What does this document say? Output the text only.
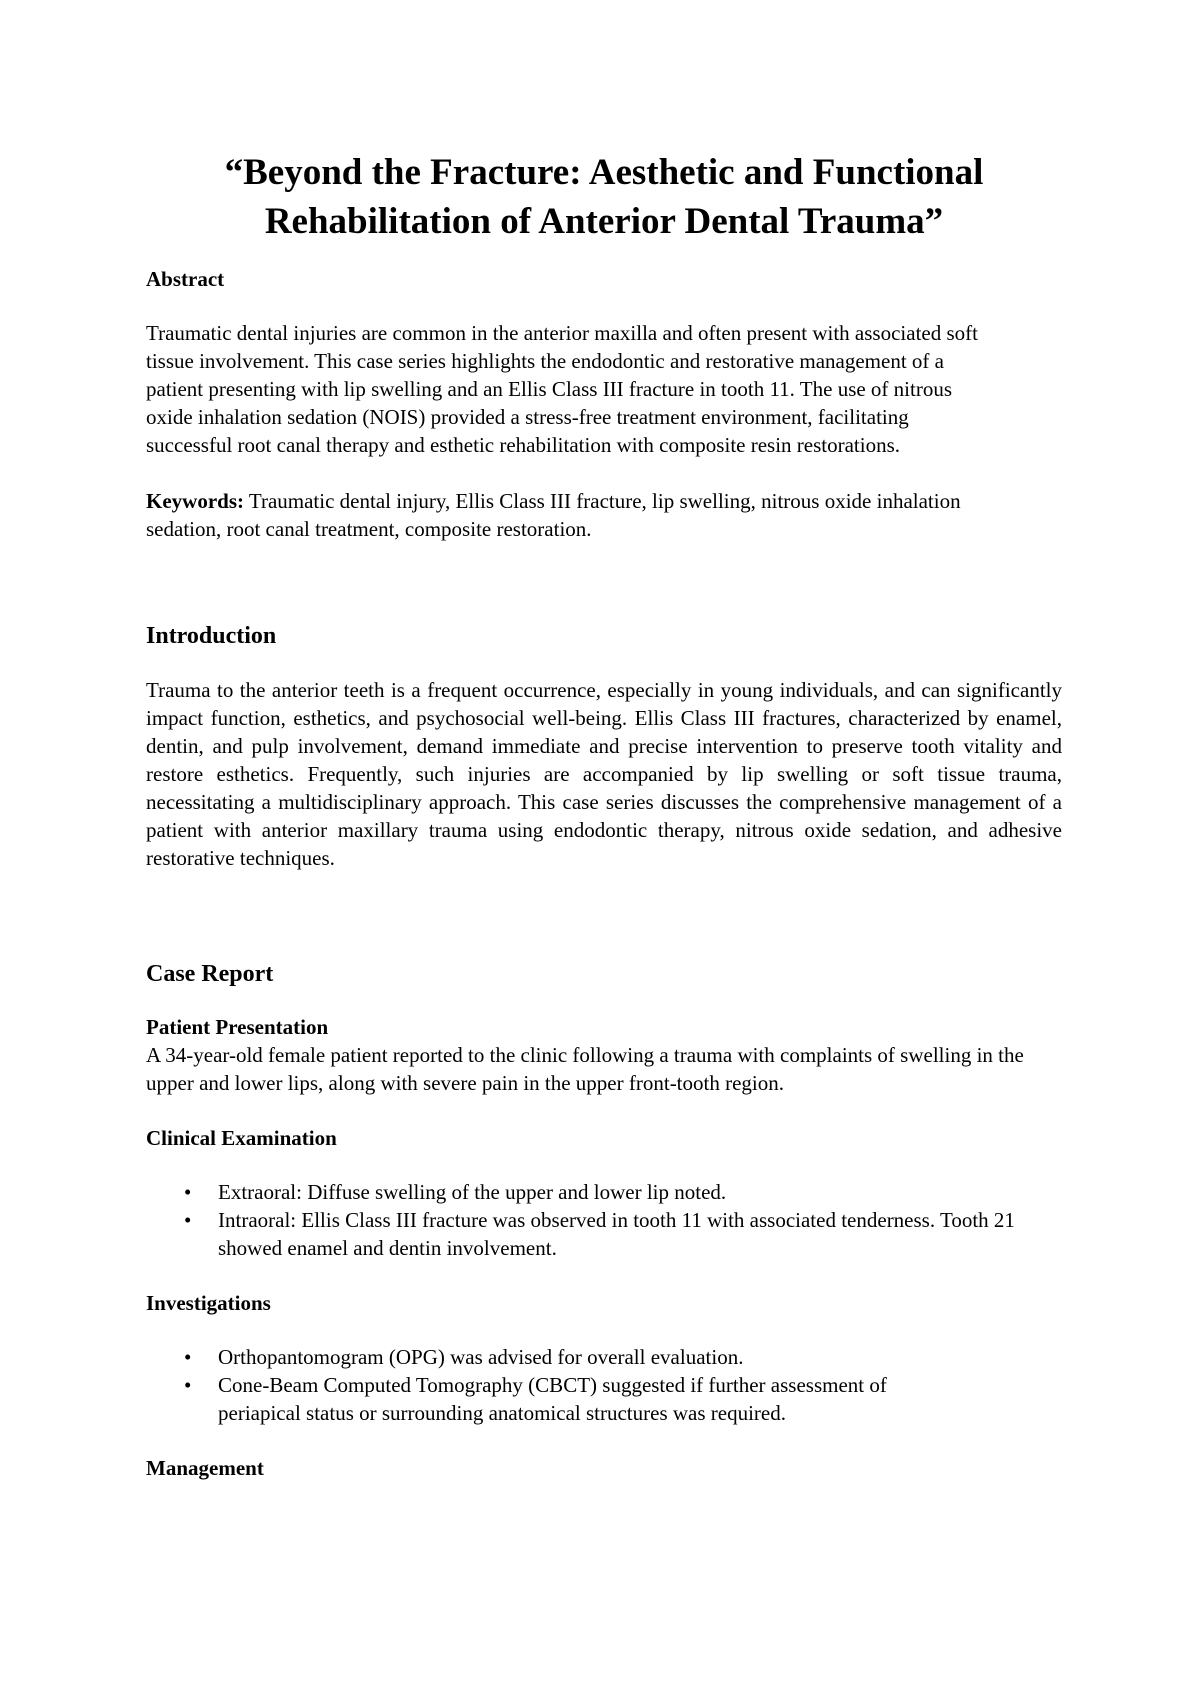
“Beyond the Fracture: Aesthetic and Functional
Rehabilitation of Anterior Dental Trauma”
Abstract

Traumatic dental injuries are common in the anterior maxilla and often present with associated soft tissue involvement. This case series highlights the endodontic and restorative management of a patient presenting with lip swelling and an Ellis Class III fracture in tooth 11. The use of nitrous oxide inhalation sedation (NOIS) provided a stress-free treatment environment, facilitating successful root canal therapy and esthetic rehabilitation with composite resin restorations.

Keywords: Traumatic dental injury, Ellis Class III fracture, lip swelling, nitrous oxide inhalation sedation, root canal treatment, composite restoration.

Introduction

Trauma to the anterior teeth is a frequent occurrence, especially in young individuals, and can significantly impact function, esthetics, and psychosocial well-being. Ellis Class III fractures, characterized by enamel, dentin, and pulp involvement, demand immediate and precise intervention to preserve tooth vitality and restore esthetics. Frequently, such injuries are accompanied by lip swelling or soft tissue trauma, necessitating a multidisciplinary approach. This case series discusses the comprehensive management of a patient with anterior maxillary trauma using endodontic therapy, nitrous oxide sedation, and adhesive restorative techniques.

Case Report
Patient Presentation

A 34-year-old female patient reported to the clinic following a trauma with complaints of swelling in the upper and lower lips, along with severe pain in the upper front-tooth region.

Clinical Examination
• Extraoral: Diffuse swelling of the upper and lower lip noted.
• Intraoral: Ellis Class III fracture was observed in tooth 11 with associated tenderness. Tooth 21 showed enamel and dentin involvement.
Investigations
• Orthopantomogram (OPG) was advised for overall evaluation.
• Cone-Beam Computed Tomography (CBCT) suggested if further assessment of periapical status or surrounding anatomical structures was required.
Management
